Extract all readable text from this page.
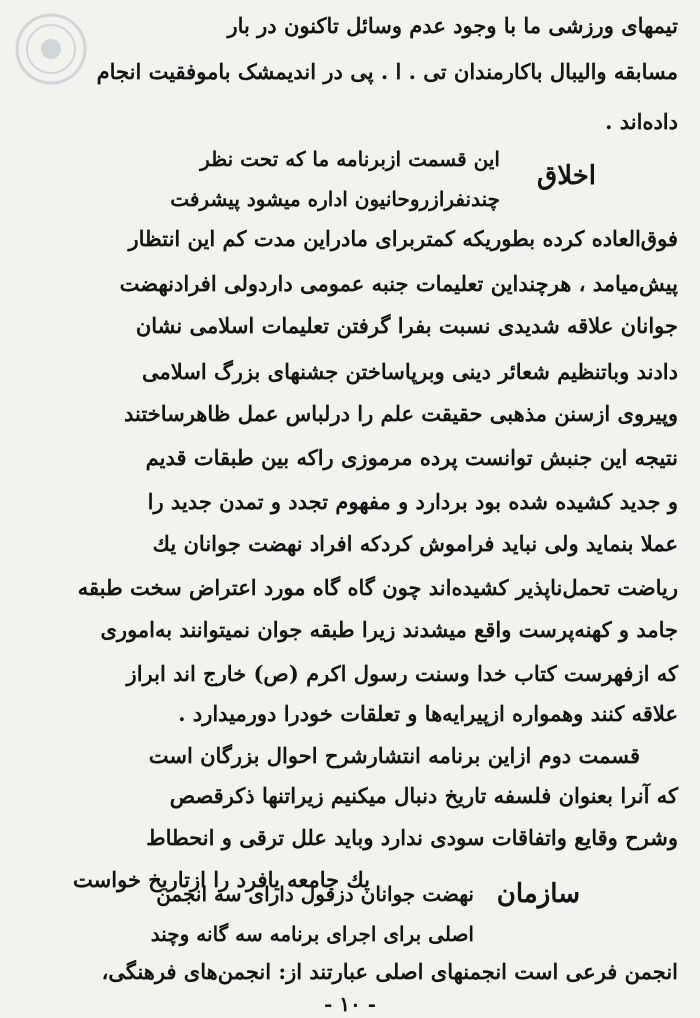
تیمهای ورزشی ما با وجود عدم وسائل تاکنون در بار
مسابقه والیبال باکارمندان تی . ا . پی در اندیمشک باموفقیت انجام
داده‌اند .
اخلاق
این قسمت ازبرنامه ما که تحت نظر
چندنفرازروحانیون اداره میشود پیشرفت
فوق‌العاده کرده بطوریکه کمتربرای مادراین مدت کم این انتظار
پیش‌میامد ، هرچنداین تعلیمات جنبه عمومی داردولی افرادنهضت
جوانان علاقه شدیدی نسبت بفرا گرفتن تعلیمات اسلامی نشان
دادند وباتنظیم شعائر دینی وبرپاساختن جشنهای بزرگ اسلامی
وپیروی ازسنن مذهبی حقیقت علم را درلباس عمل ظاهرساختند
نتیجه این جنبش توانست پرده مرموزی راکه بین طبقات قدیم
و جدید کشیده شده بود بردارد و مفهوم تجدد و تمدن جدید را
عملا بنماید ولی نباید فراموش کردکه افراد نهضت جوانان یك
ریاضت تحمل‌ناپذیر کشیده‌اند چون گاه گاه مورد اعتراض سخت طبقه
جامد و کهنه‌پرست واقع میشدند زیرا طبقه جوان نمیتوانند به‌اموری
که ازفهرست کتاب خدا وسنت رسول اکرم (ص) خارج اند ابراز
علاقه کنند وهمواره ازپیرایه‌ها و تعلقات خودرا دورمیدارد .
قسمت دوم ازاین برنامه انتشارشرح احوال بزرگان است
که آنرا بعنوان فلسفه تاریخ دنبال میکنیم زیراتنها ذکرقصص
وشرح وقایع واتفاقات سودی ندارد وباید علل ترقی و انحطاط
یك جامعه یافرد را ازتاریخ خواست	سازمان
نهضت جوانان دزفول دارای سه انجمن
اصلی برای اجرای برنامه سه گانه وچند
انجمن فرعی است انجمنهای اصلی عبارتند از: انجمن‌های فرهنگی،
- ١٠ -
